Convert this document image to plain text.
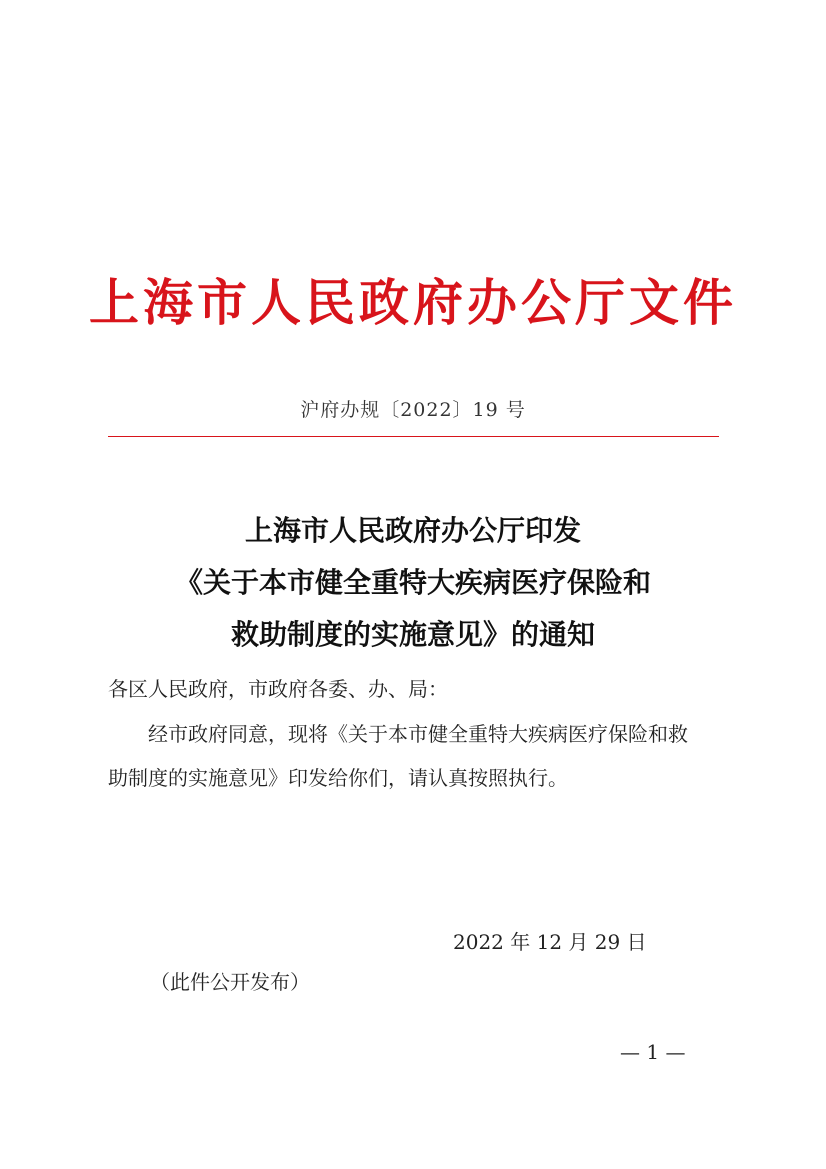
上海市人民政府办公厅文件
沪府办规〔2022〕19 号
上海市人民政府办公厅印发
《关于本市健全重特大疾病医疗保险和
救助制度的实施意见》的通知
各区人民政府，市政府各委、办、局：
经市政府同意，现将《关于本市健全重特大疾病医疗保险和救
助制度的实施意见》印发给你们，请认真按照执行。
2022 年 12 月 29 日
（此件公开发布）
— 1 —
